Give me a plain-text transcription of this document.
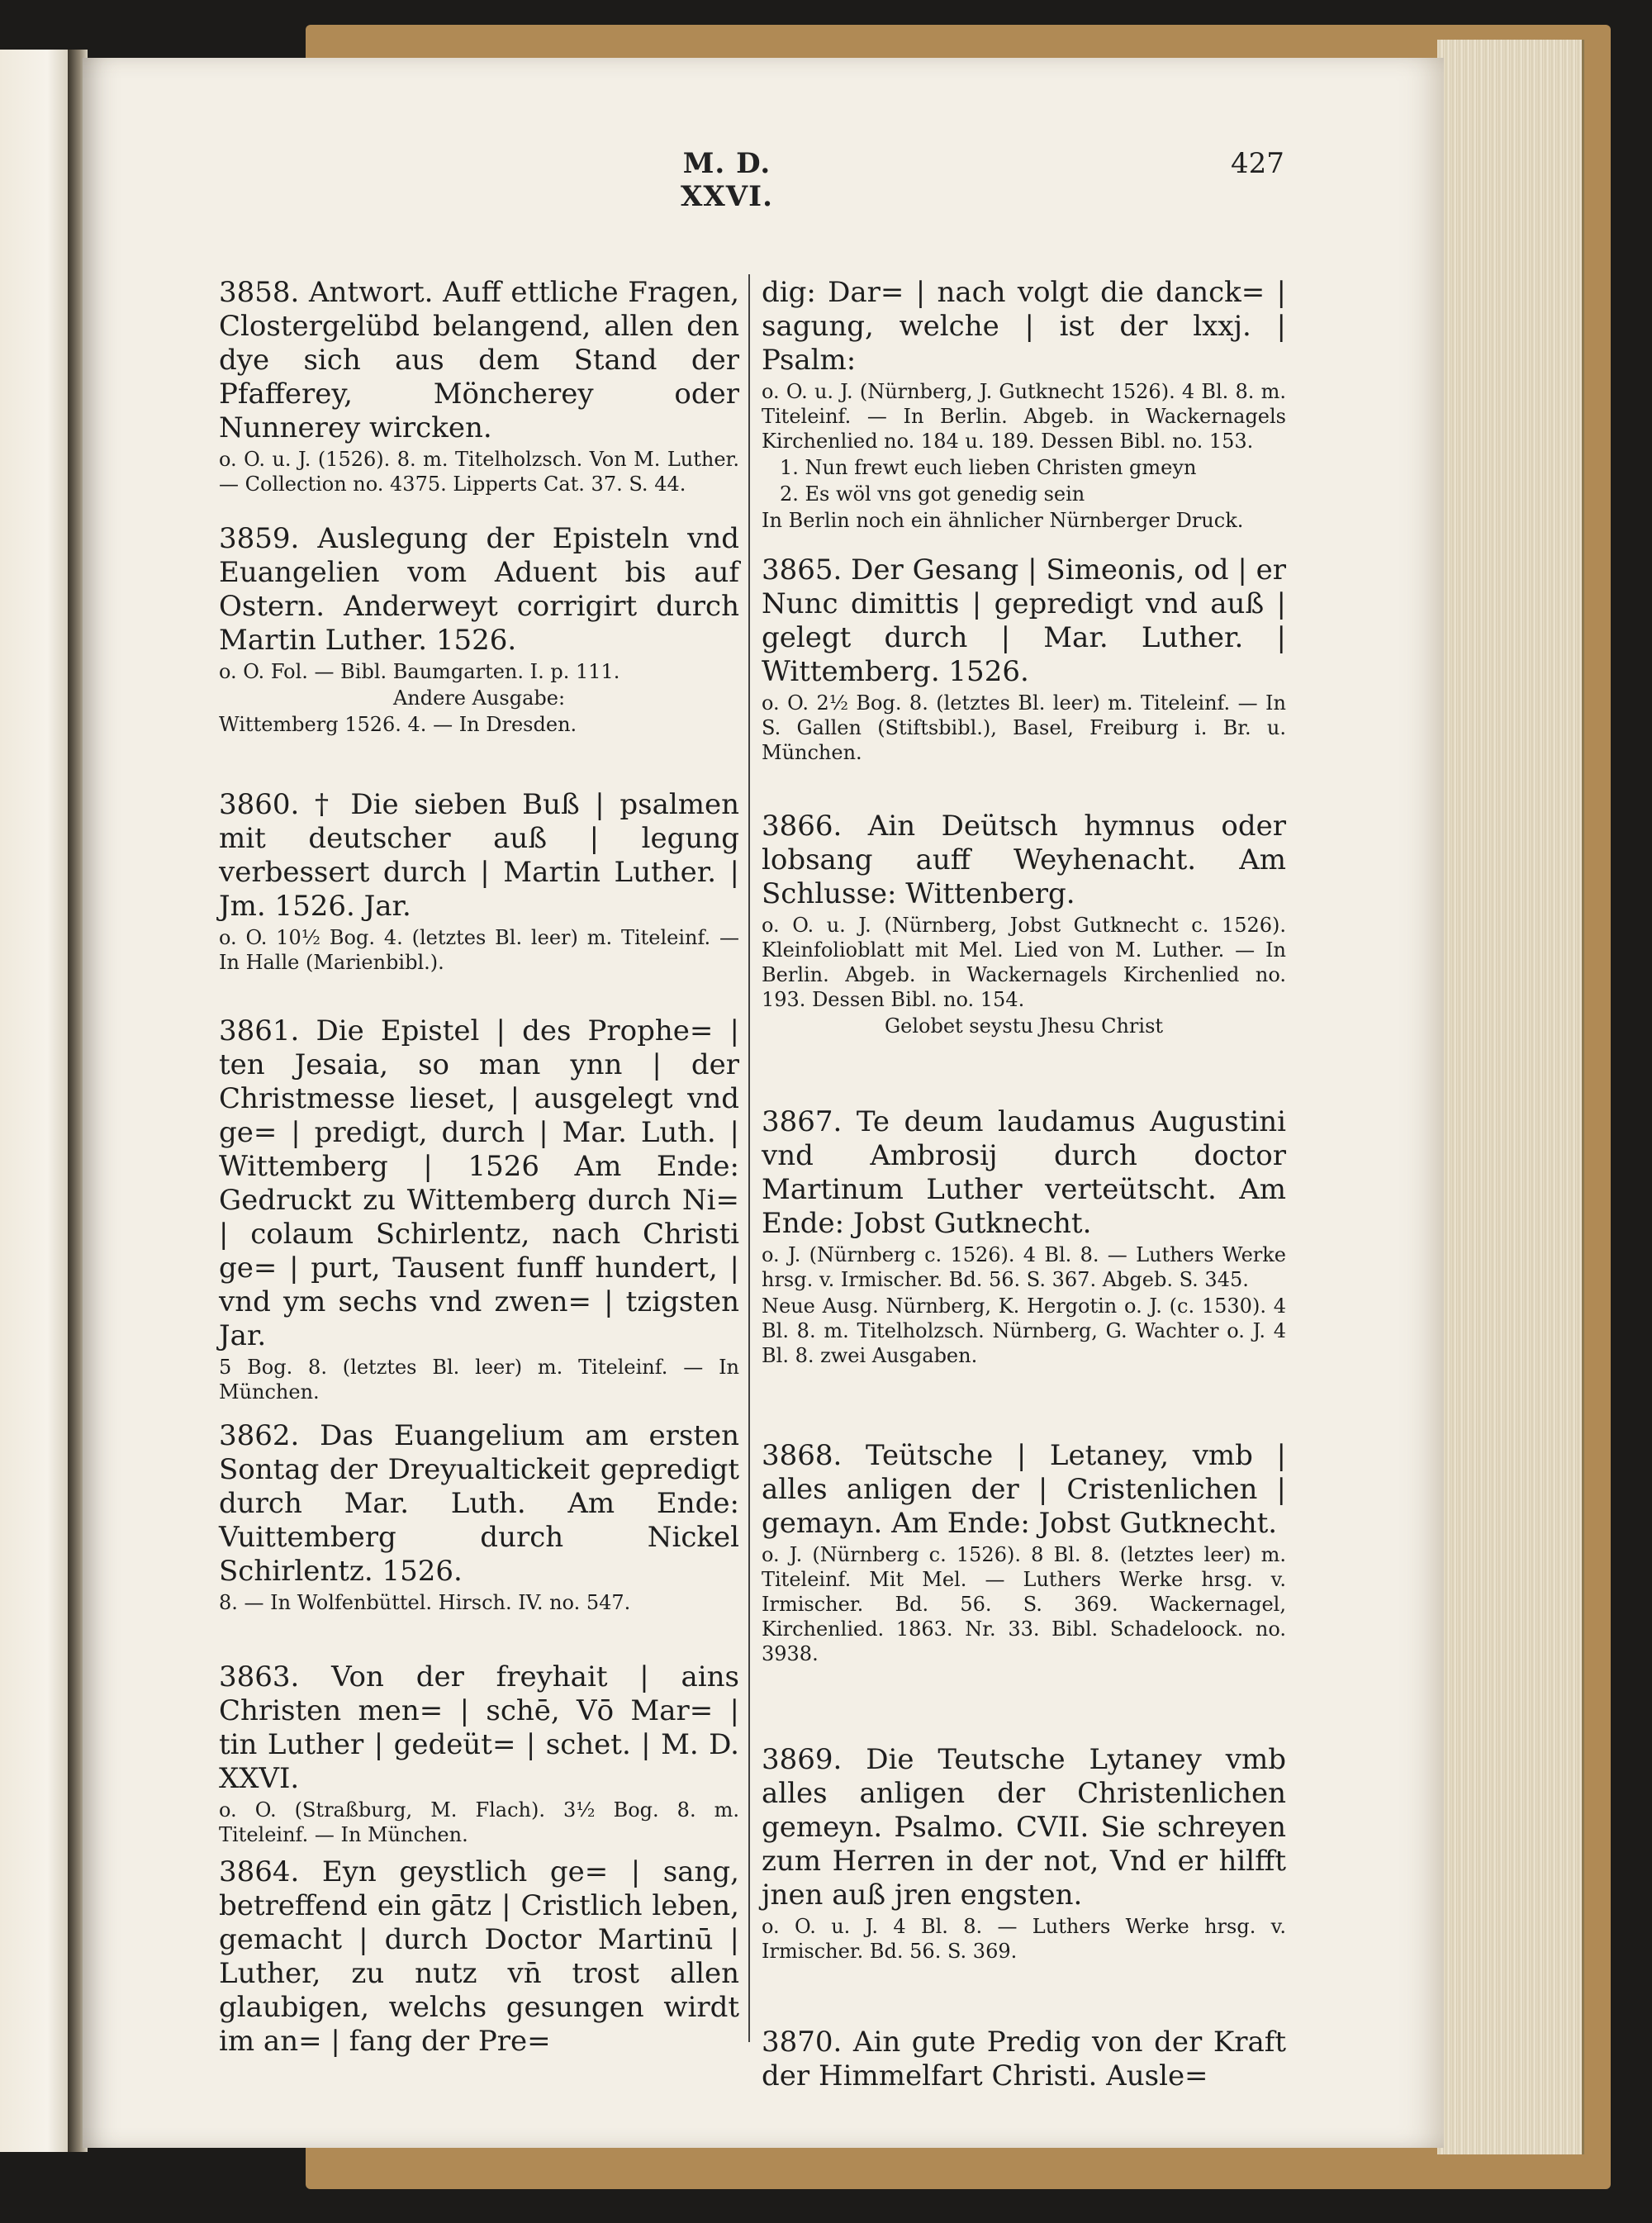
M. D. XXVI.
427

3858. Antwort. Auff ettliche Fragen, Clostergelübd belangend, allen den dye sich aus dem Stand der Pfafferey, Möncherey oder Nunnerey wircken.

o. O. u. J. (1526). 8. m. Titelholzsch. Von M. Luther. — Collection no. 4375. Lipperts Cat. 37. S. 44.

3859. Auslegung der Episteln vnd Euangelien vom Aduent bis auf Ostern. Anderweyt corrigirt durch Martin Luther. 1526.

o. O. Fol. — Bibl. Baumgarten. I. p. 111.

Andere Ausgabe:

Wittemberg 1526. 4. — In Dresden.

3860. † Die sieben Buß | psalmen mit deutscher auß | legung verbessert durch | Martin Luther. | Jm. 1526. Jar.

o. O. 10½ Bog. 4. (letztes Bl. leer) m. Titeleinf. — In Halle (Marienbibl.).

3861. Die Epistel | des Prophe= | ten Jesaia, so man ynn | der Christmesse lieset, | ausgelegt vnd ge= | predigt, durch | Mar. Luth. | Wittemberg | 1526 Am Ende: Gedruckt zu Wittemberg durch Ni= | colaum Schirlentz, nach Christi ge= | purt, Tausent funff hundert, | vnd ym sechs vnd zwen= | tzigsten Jar.

5 Bog. 8. (letztes Bl. leer) m. Titeleinf. — In München.

3862. Das Euangelium am ersten Sontag der Dreyualtickeit gepredigt durch Mar. Luth. Am Ende: Vuittemberg durch Nickel Schirlentz. 1526.

8. — In Wolfenbüttel. Hirsch. IV. no. 547.

3863. Von der freyhait | ains Christen men= | schē, Vō Mar= | tin Luther | gedeüt= | schet. | M. D. XXVI.

o. O. (Straßburg, M. Flach). 3½ Bog. 8. m. Titeleinf. — In München.

3864. Eyn geystlich ge= | sang, betreffend ein gātz | Cristlich leben, gemacht | durch Doctor Martinū | Luther, zu nutz vn̄ trost allen glaubigen, welchs gesungen wirdt im an= | fang der Pre=

dig: Dar= | nach volgt die danck= | sagung, welche | ist der lxxj. | Psalm:

o. O. u. J. (Nürnberg, J. Gutknecht 1526). 4 Bl. 8. m. Titeleinf. — In Berlin. Abgeb. in Wackernagels Kirchenlied no. 184 u. 189. Dessen Bibl. no. 153.

1. Nun frewt euch lieben Christen gmeyn

2. Es wöl vns got genedig sein

In Berlin noch ein ähnlicher Nürnberger Druck.

3865. Der Gesang | Simeonis, od | er Nunc dimittis | gepredigt vnd auß | gelegt durch | Mar. Luther. | Wittemberg. 1526.

o. O. 2½ Bog. 8. (letztes Bl. leer) m. Titeleinf. — In S. Gallen (Stiftsbibl.), Basel, Freiburg i. Br. u. München.

3866. Ain Deütsch hymnus oder lobsang auff Weyhenacht. Am Schlusse: Wittenberg.

o. O. u. J. (Nürnberg, Jobst Gutknecht c. 1526). Kleinfolioblatt mit Mel. Lied von M. Luther. — In Berlin. Abgeb. in Wackernagels Kirchenlied no. 193. Dessen Bibl. no. 154.

Gelobet seystu Jhesu Christ

3867. Te deum laudamus Augustini vnd Ambrosij durch doctor Martinum Luther verteütscht. Am Ende: Jobst Gutknecht.

o. J. (Nürnberg c. 1526). 4 Bl. 8. — Luthers Werke hrsg. v. Irmischer. Bd. 56. S. 367. Abgeb. S. 345.

Neue Ausg. Nürnberg, K. Hergotin o. J. (c. 1530). 4 Bl. 8. m. Titelholzsch. Nürnberg, G. Wachter o. J. 4 Bl. 8. zwei Ausgaben.

3868. Teütsche | Letaney, vmb | alles anligen der | Cristenlichen | gemayn. Am Ende: Jobst Gutknecht.

o. J. (Nürnberg c. 1526). 8 Bl. 8. (letztes leer) m. Titeleinf. Mit Mel. — Luthers Werke hrsg. v. Irmischer. Bd. 56. S. 369. Wackernagel, Kirchenlied. 1863. Nr. 33. Bibl. Schadeloock. no. 3938.

3869. Die Teutsche Lytaney vmb alles anligen der Christenlichen gemeyn. Psalmo. CVII. Sie schreyen zum Herren in der not, Vnd er hilfft jnen auß jren engsten.

o. O. u. J. 4 Bl. 8. — Luthers Werke hrsg. v. Irmischer. Bd. 56. S. 369.

3870. Ain gute Predig von der Kraft der Himmelfart Christi. Ausle=
